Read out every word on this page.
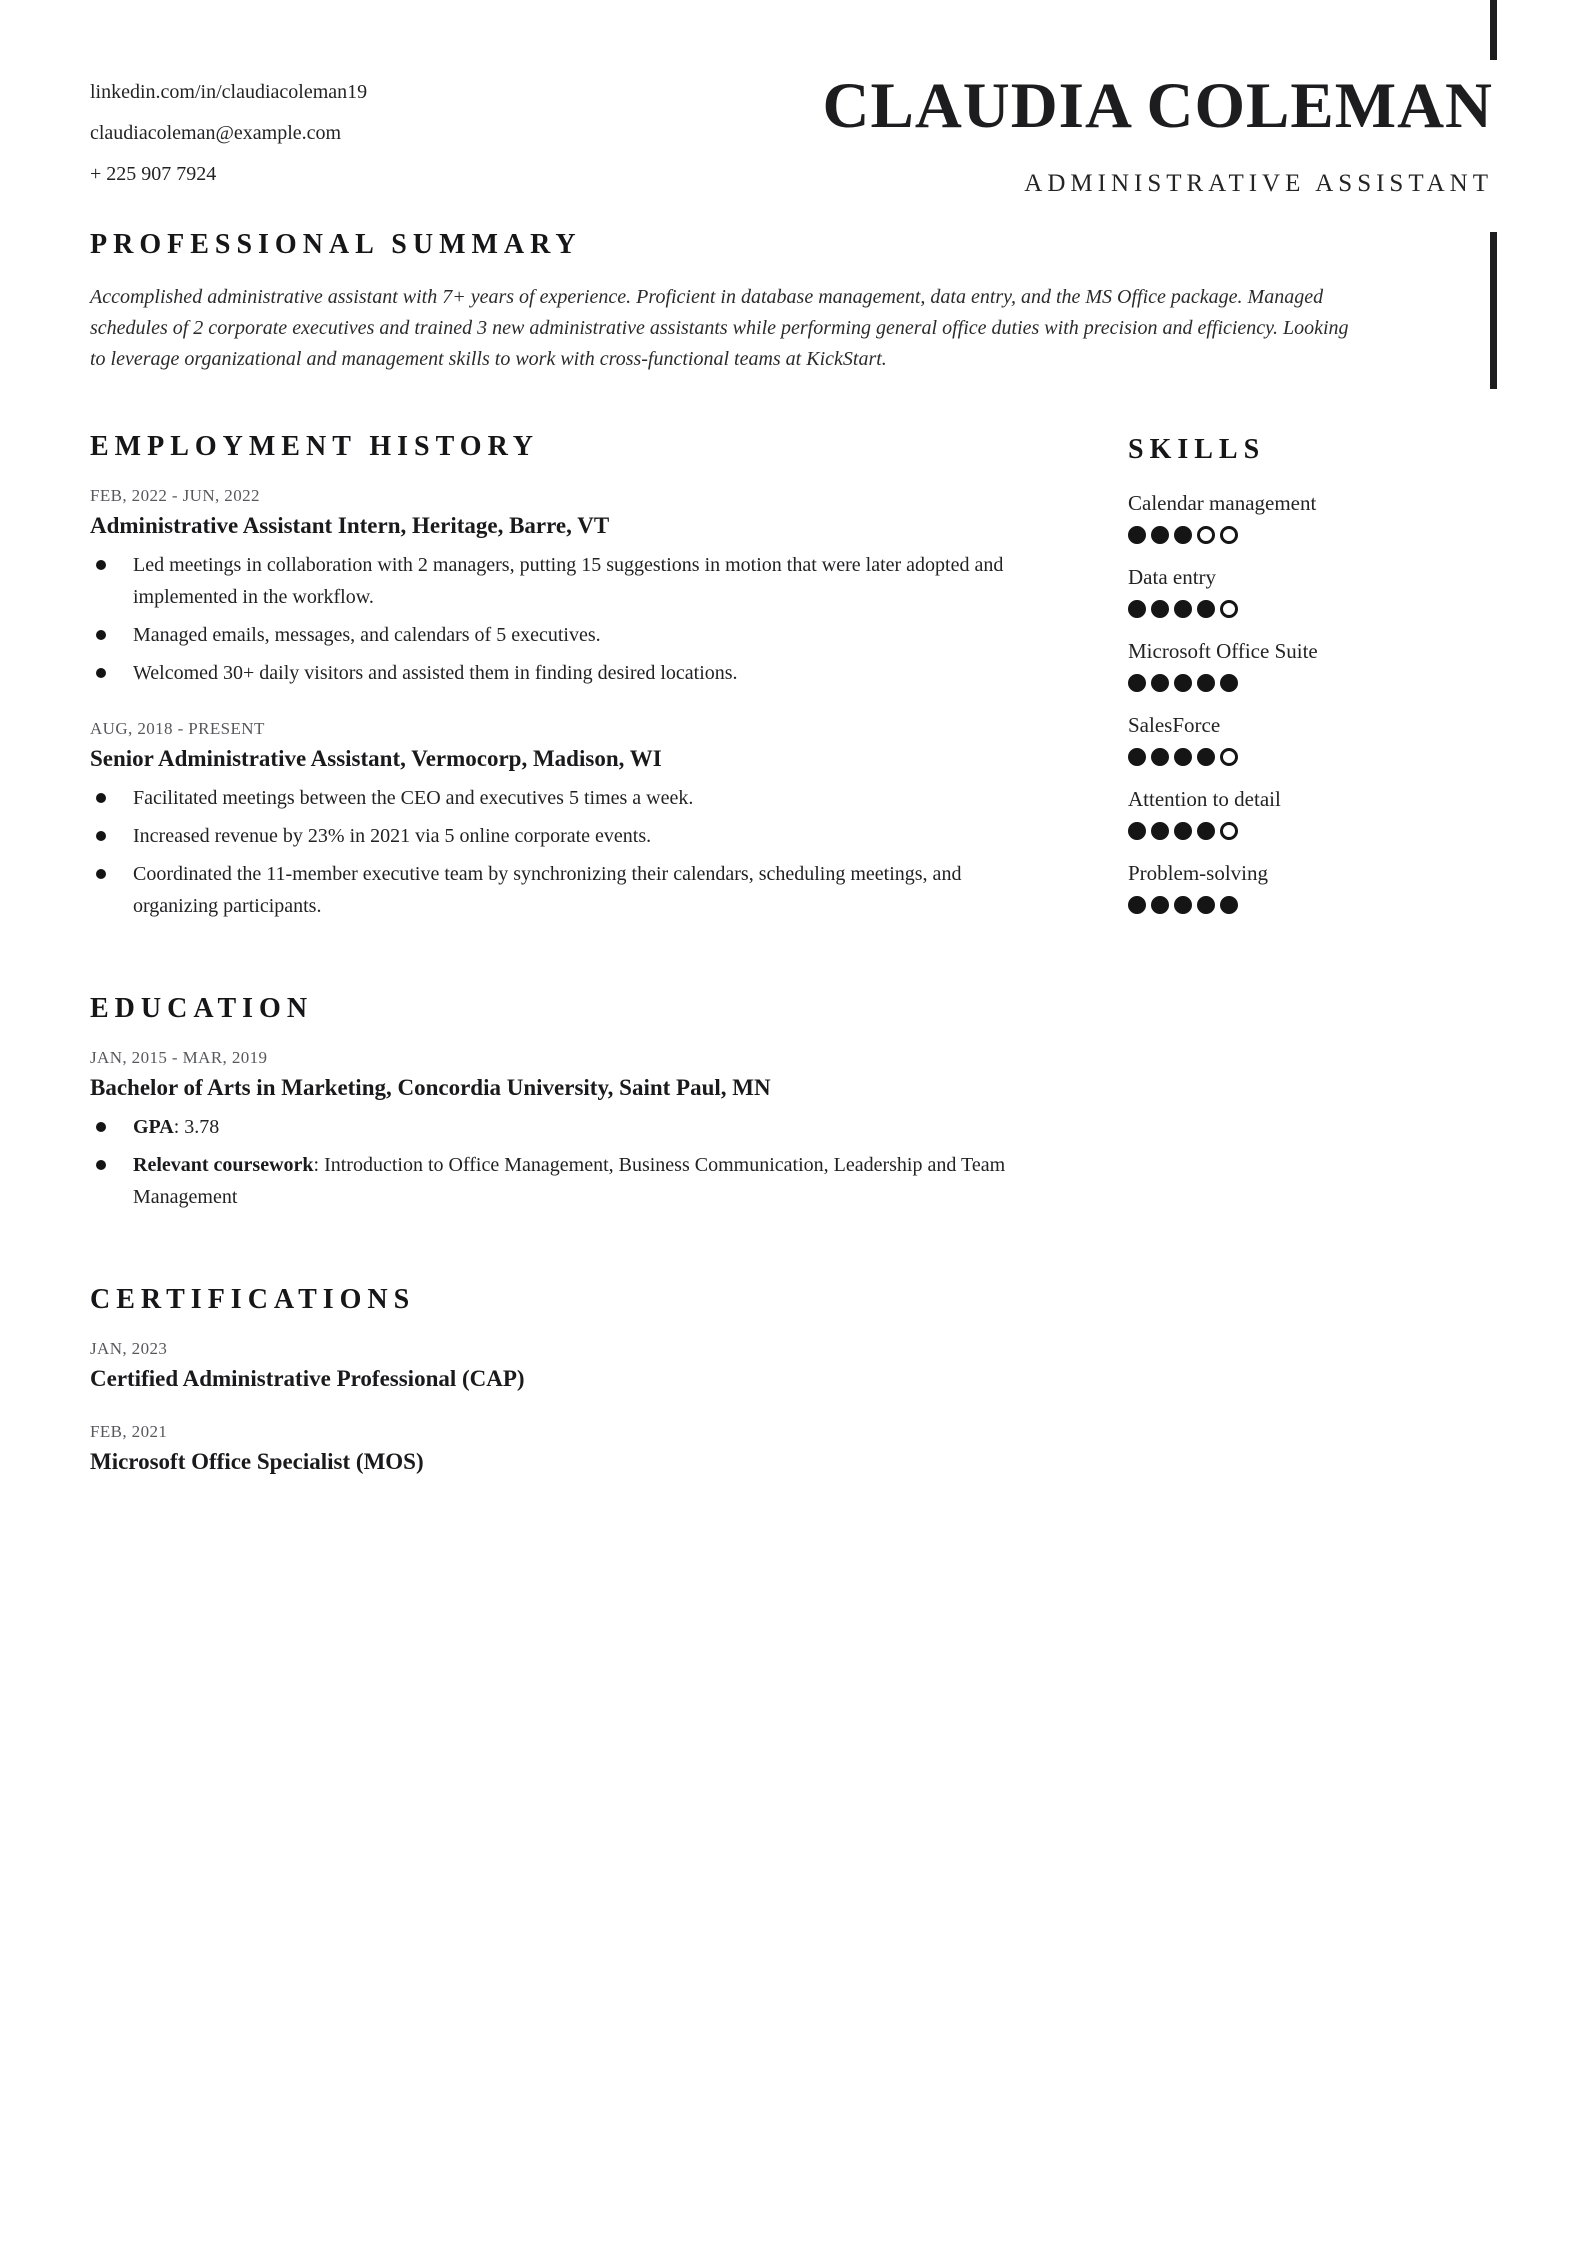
linkedin.com/in/claudiacoleman19
claudiacoleman@example.com
+ 225 907 7924
CLAUDIA COLEMAN
ADMINISTRATIVE ASSISTANT
PROFESSIONAL SUMMARY

Accomplished administrative assistant with 7+ years of experience. Proficient in database management, data entry, and the MS Office package. Managed schedules of 2 corporate executives and trained 3 new administrative assistants while performing general office duties with precision and efficiency. Looking to leverage organizational and management skills to work with cross-functional teams at KickStart.

EMPLOYMENT HISTORY
FEB, 2022 - JUN, 2022
Administrative Assistant Intern, Heritage, Barre, VT
Led meetings in collaboration with 2 managers, putting 15 suggestions in motion that were later adopted and implemented in the workflow.
Managed emails, messages, and calendars of 5 executives.
Welcomed 30+ daily visitors and assisted them in finding desired locations.
AUG, 2018 - PRESENT
Senior Administrative Assistant, Vermocorp, Madison, WI
Facilitated meetings between the CEO and executives 5 times a week.
Increased revenue by 23% in 2021 via 5 online corporate events.
Coordinated the 11-member executive team by synchronizing their calendars, scheduling meetings, and organizing participants.
EDUCATION
JAN, 2015 - MAR, 2019
Bachelor of Arts in Marketing, Concordia University, Saint Paul, MN
GPA: 3.78
Relevant coursework: Introduction to Office Management, Business Communication, Leadership and Team Management
CERTIFICATIONS
JAN, 2023
Certified Administrative Professional (CAP)
FEB, 2021
Microsoft Office Specialist (MOS)
SKILLS
Calendar management
Data entry
Microsoft Office Suite
SalesForce
Attention to detail
Problem-solving
